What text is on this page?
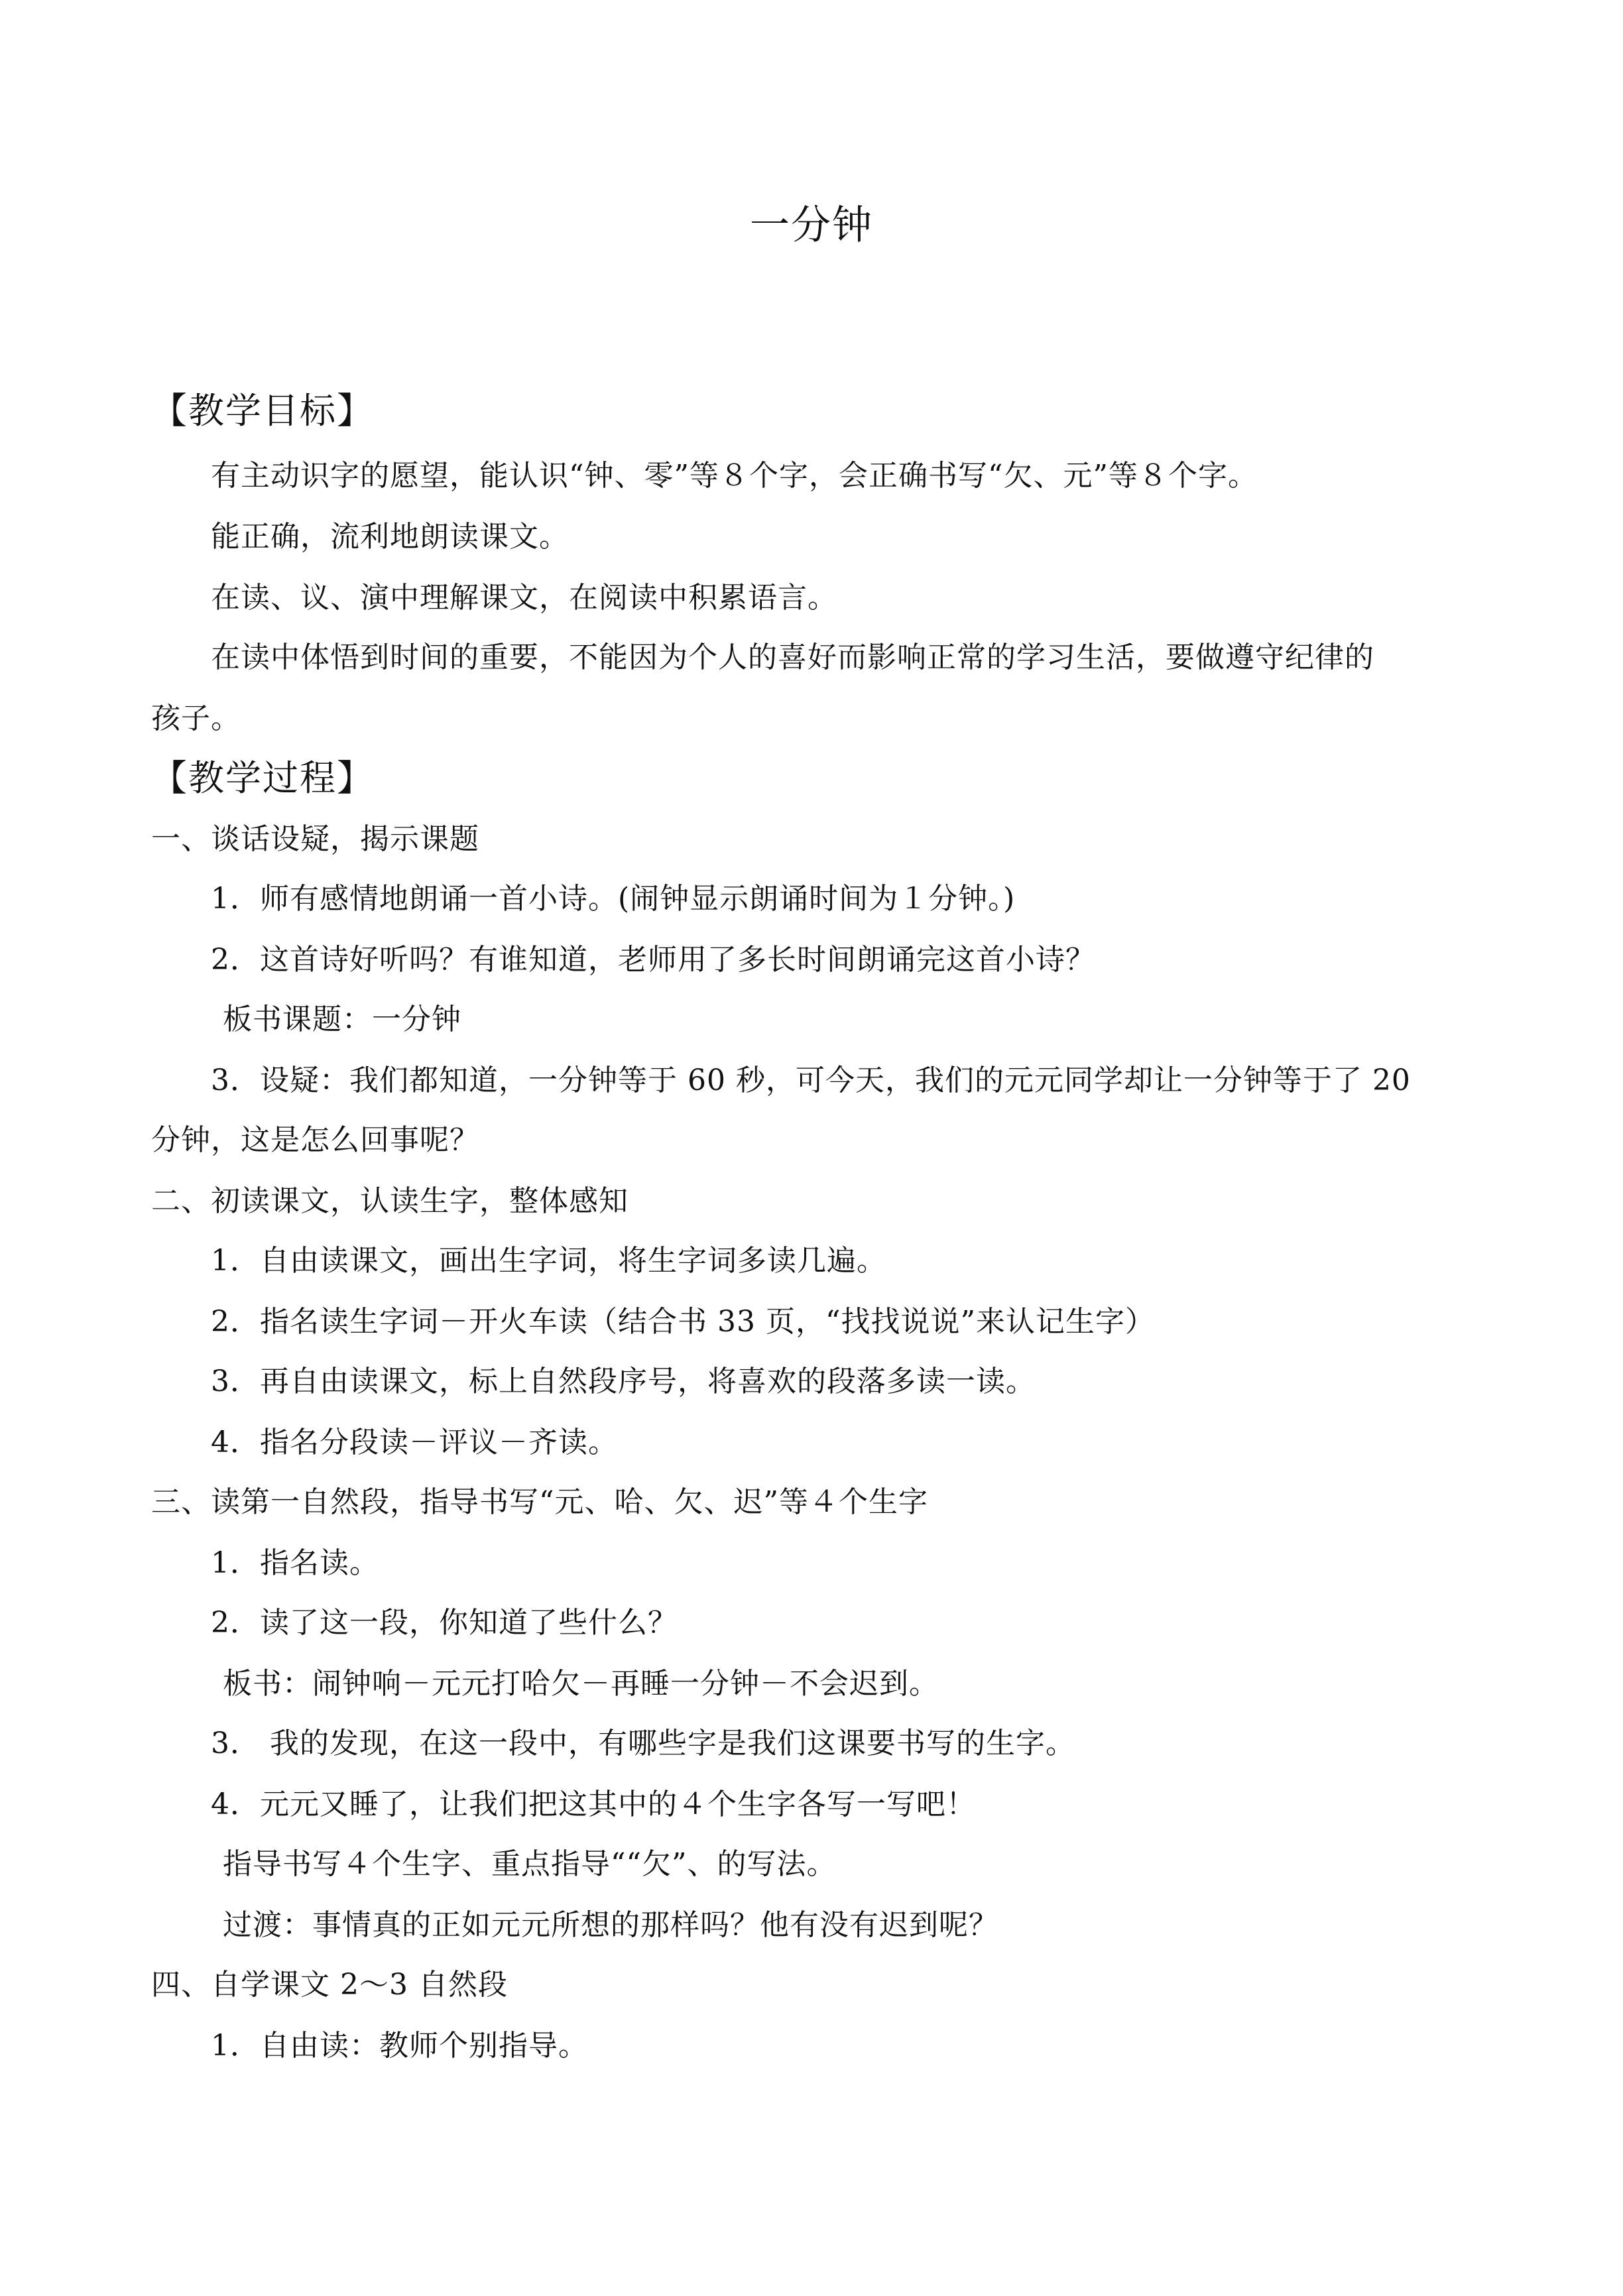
一分钟
【教学目标】
有主动识字的愿望，能认识“钟、零”等８个字，会正确书写“欠、元”等８个字。
能正确，流利地朗读课文。
在读、议、演中理解课文，在阅读中积累语言。
在读中体悟到时间的重要，不能因为个人的喜好而影响正常的学习生活，要做遵守纪律的
孩子。
【教学过程】
一、谈话设疑，揭示课题
1．师有感情地朗诵一首小诗。(闹钟显示朗诵时间为１分钟。)
2．这首诗好听吗？有谁知道，老师用了多长时间朗诵完这首小诗？
板书课题：一分钟
3．设疑：我们都知道，一分钟等于 60 秒，可今天，我们的元元同学却让一分钟等于了 20
分钟，这是怎么回事呢？
二、初读课文，认读生字，整体感知
1．自由读课文，画出生字词，将生字词多读几遍。
2．指名读生字词－开火车读（结合书 33 页，“找找说说”来认记生字）
3．再自由读课文，标上自然段序号，将喜欢的段落多读一读。
4．指名分段读－评议－齐读。
三、读第一自然段，指导书写“元、哈、欠、迟”等４个生字
1．指名读。
2．读了这一段，你知道了些什么？
板书：闹钟响－元元打哈欠－再睡一分钟－不会迟到。
3． 我的发现，在这一段中，有哪些字是我们这课要书写的生字。
4．元元又睡了，让我们把这其中的４个生字各写一写吧！
指导书写４个生字、重点指导““欠”、的写法。
过渡：事情真的正如元元所想的那样吗？他有没有迟到呢？
四、自学课文 2～3 自然段
1．自由读：教师个别指导。
